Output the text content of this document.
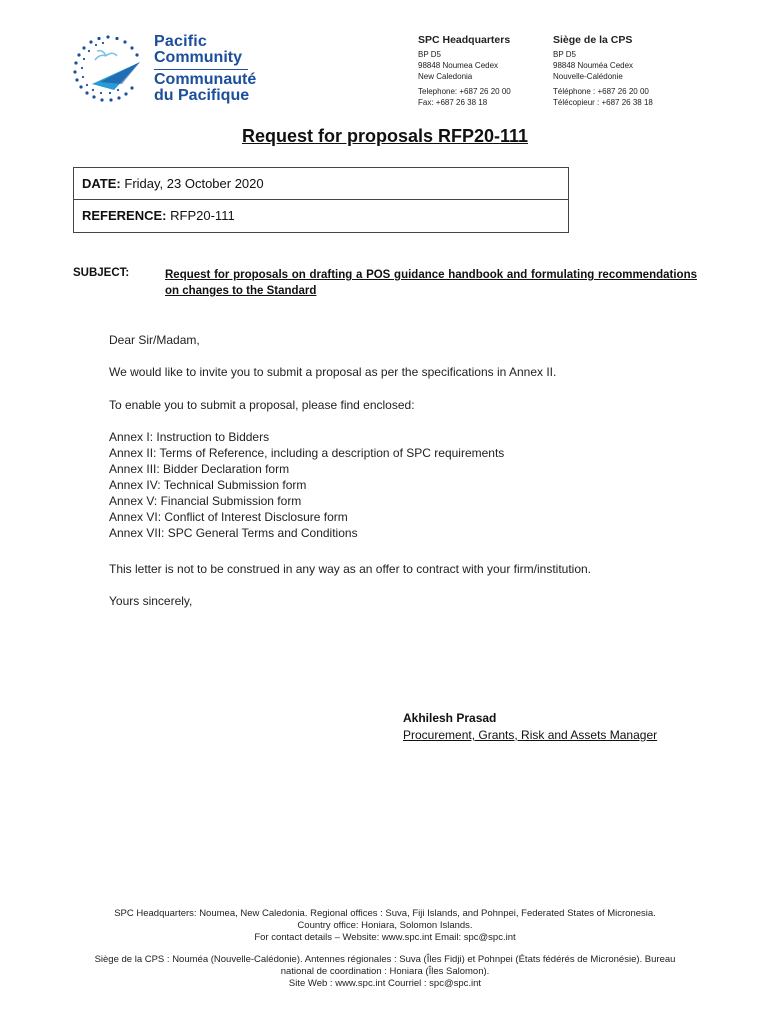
Pacific
Community
Communauté
du Pacifique
SPC Headquarters
BP D5
98848 Noumea Cedex
New Caledonia
Telephone: +687 26 20 00
Fax: +687 26 38 18
Siège de la CPS
BP D5
98848 Nouméa Cedex
Nouvelle-Calédonie
Téléphone : +687 26 20 00
Télécopieur : +687 26 38 18
Request for proposals RFP20-111
DATE: Friday, 23 October 2020
REFERENCE: RFP20-111
SUBJECT:	Request for proposals on drafting a POS guidance handbook and formulating recommendations on changes to the Standard
Dear Sir/Madam,
We would like to invite you to submit a proposal as per the specifications in Annex II.
To enable you to submit a proposal, please find enclosed:
Annex I: Instruction to Bidders
Annex II: Terms of Reference, including a description of SPC requirements
Annex III: Bidder Declaration form
Annex IV: Technical Submission form
Annex V: Financial Submission form
Annex VI: Conflict of Interest Disclosure form
Annex VII: SPC General Terms and Conditions
This letter is not to be construed in any way as an offer to contract with your firm/institution.
Yours sincerely,
Akhilesh Prasad
Procurement, Grants, Risk and Assets Manager
SPC Headquarters: Noumea, New Caledonia. Regional offices : Suva, Fiji Islands, and Pohnpei, Federated States of Micronesia.
Country office: Honiara, Solomon Islands.
For contact details – Website: www.spc.int Email: spc@spc.int
Siège de la CPS : Nouméa (Nouvelle-Calédonie). Antennes régionales : Suva (Îles Fidji) et Pohnpei (États fédérés de Micronésie). Bureau
national de coordination : Honiara (Îles Salomon).
Site Web : www.spc.int Courriel : spc@spc.int
